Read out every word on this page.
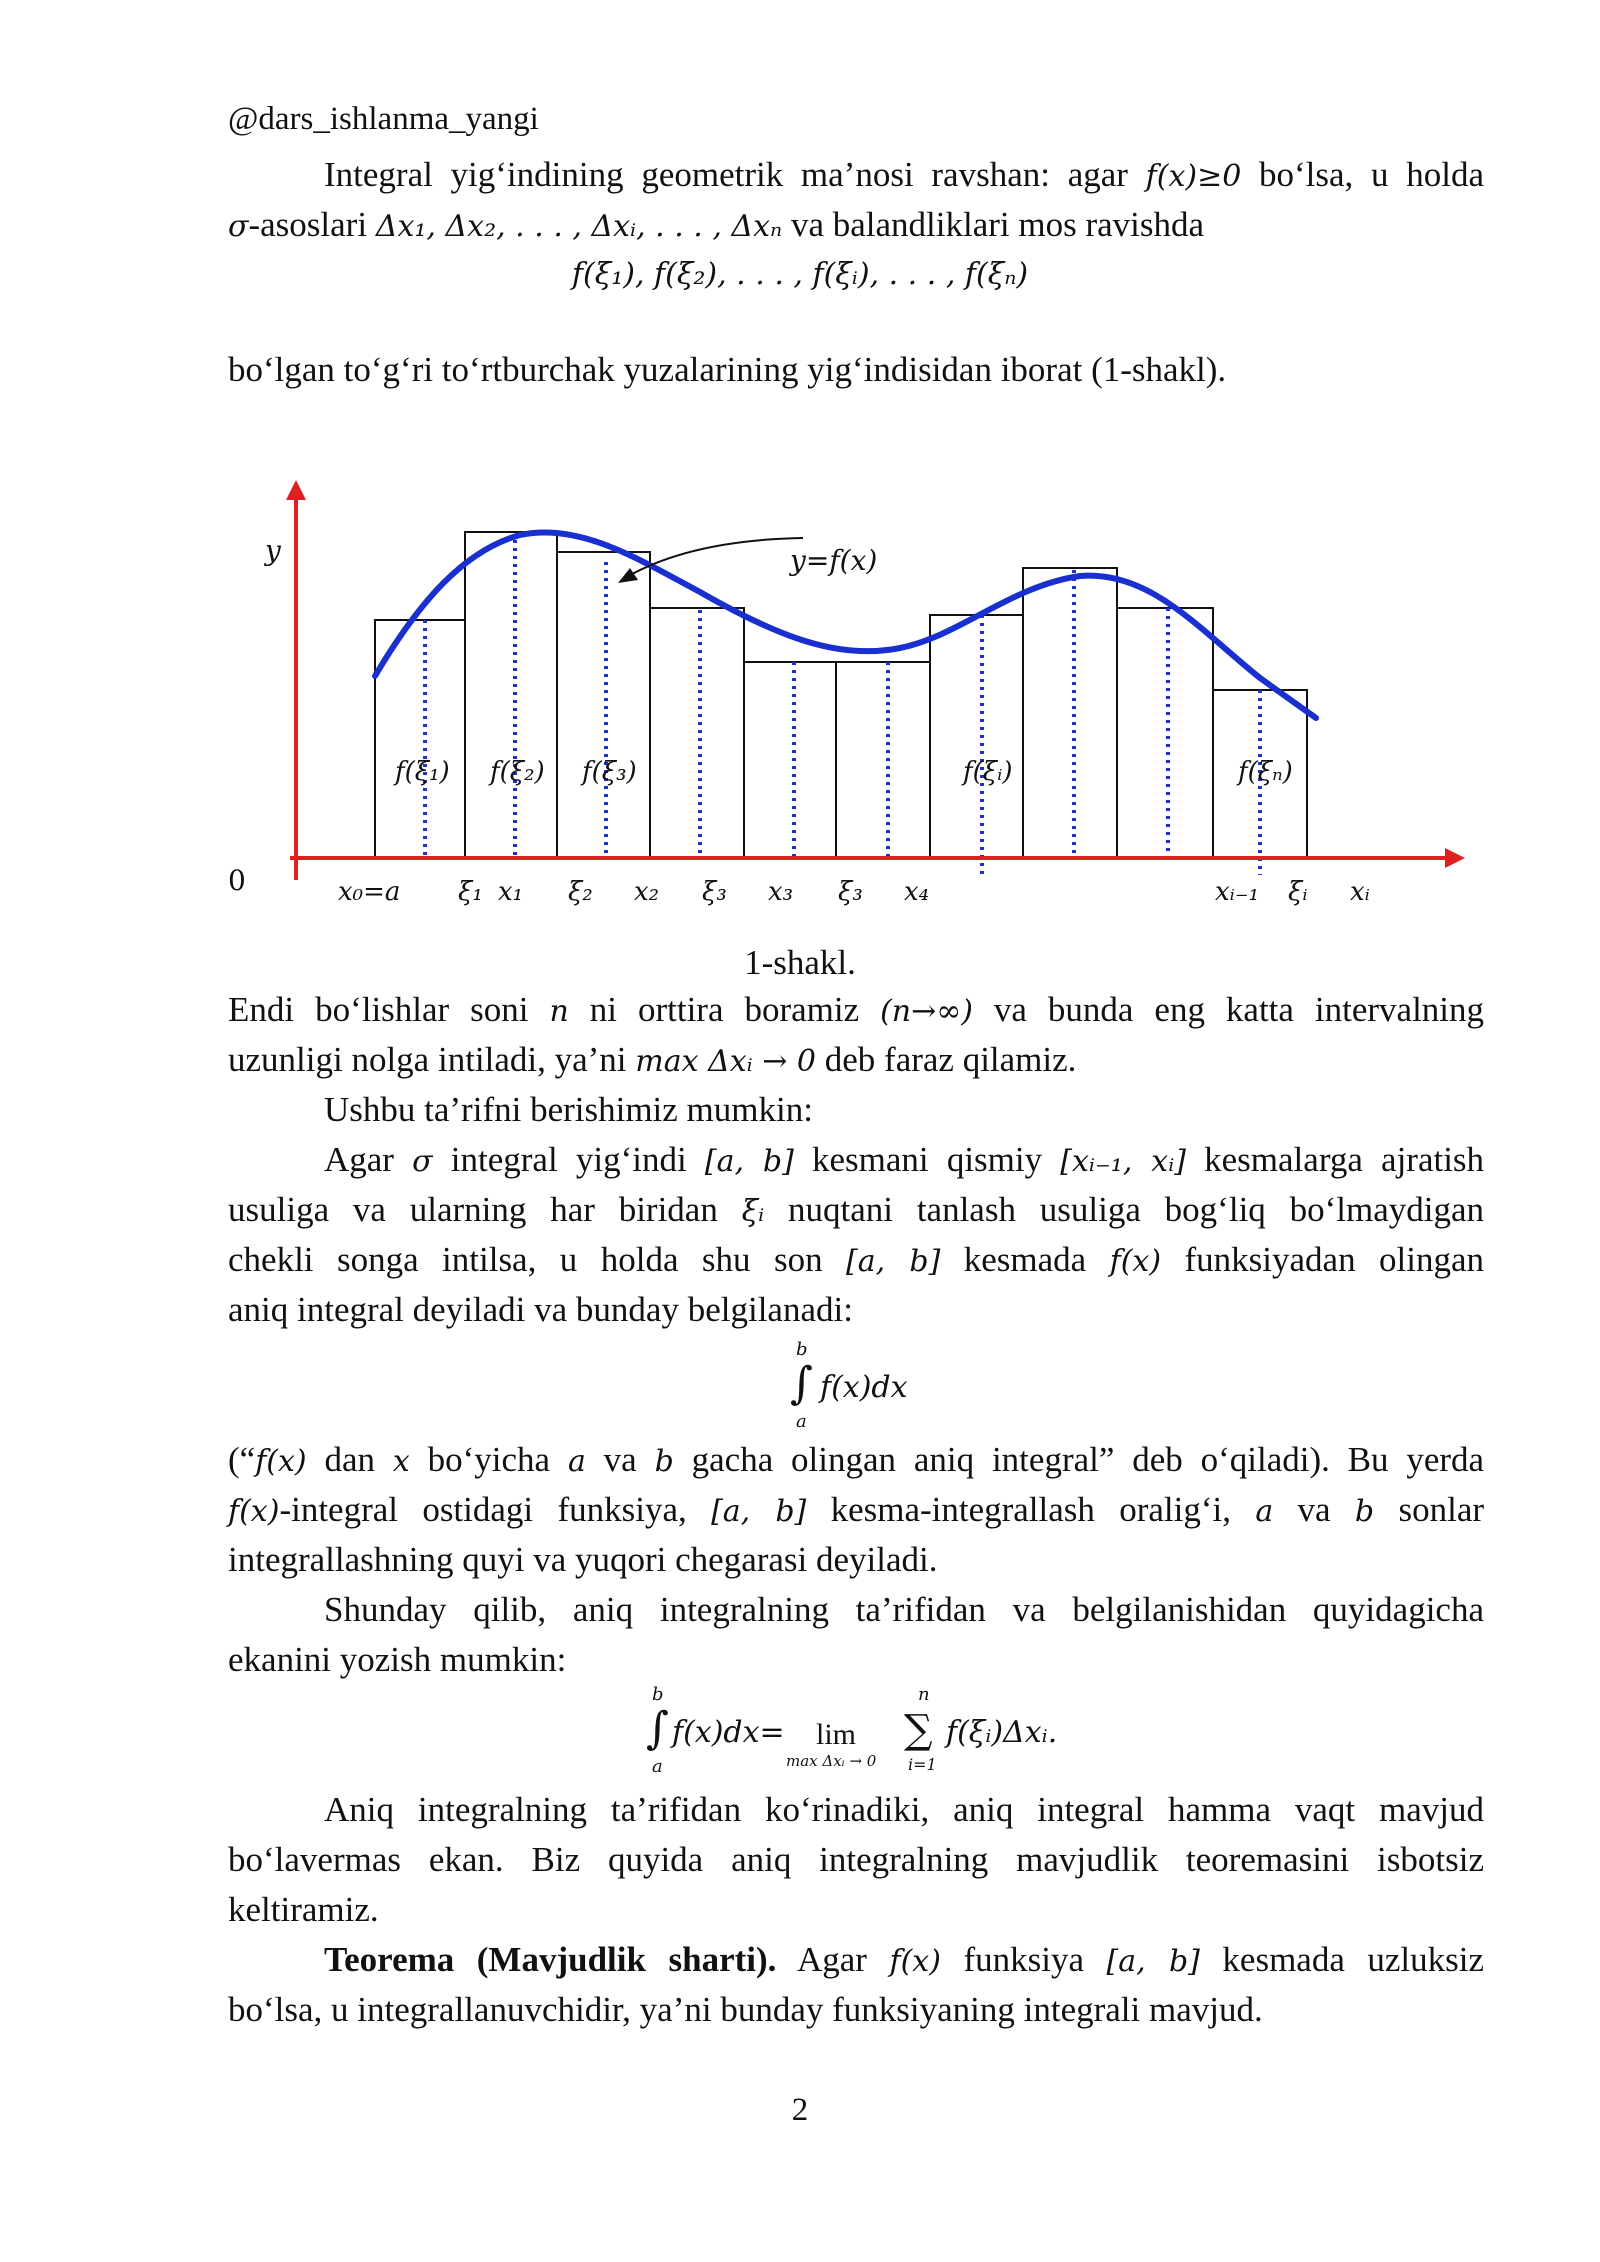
@dars_ishlanma_yangi
Integral yig‘indining geometrik ma’nosi ravshan: agar f(x)≥0 bo‘lsa, u holda
σ-asoslari Δx₁, Δx₂, . . . , Δxᵢ, . . . , Δxₙ va balandliklari mos ravishda
f(ξ₁), f(ξ₂), . . . , f(ξᵢ), . . . , f(ξₙ)
bo‘lgan to‘g‘ri to‘rtburchak yuzalarining yig‘indisidan iborat (1-shakl).
y
0
y=f(x)
x₀=a ξ₁ x₁ ξ₂ x₂ ξ₃ x₃ ξ₃ x₄	xᵢ₋₁ ξᵢ xᵢ
f(ξ₁) f(ξ₂) f(ξ₃)	f(ξᵢ)	f(ξₙ)
1-shakl.
Endi bo‘lishlar soni n ni orttira boramiz (n→∞) va bunda eng katta intervalning
uzunligi nolga intiladi, ya’ni max Δxᵢ → 0 deb faraz qilamiz.
Ushbu ta’rifni berishimiz mumkin:
Agar σ integral yig‘indi [a, b] kesmani qismiy [xᵢ₋₁, xᵢ] kesmalarga ajratish
usuliga va ularning har biridan ξᵢ nuqtani tanlash usuliga bog‘liq bo‘lmaydigan
chekli songa intilsa, u holda shu son [a, b] kesmada f(x) funksiyadan olingan
aniq integral deyiladi va bunday belgilanadi:
b
∫ f(x)dx
a
(“f(x) dan x bo‘yicha a va b gacha olingan aniq integral” deb o‘qiladi). Bu yerda
f(x)-integral ostidagi funksiya, [a, b] kesma-integrallash oralig‘i, a va b sonlar
integrallashning quyi va yuqori chegarasi deyiladi.
Shunday qilib, aniq integralning ta’rifidan va belgilanishidan quyidagicha
ekanini yozish mumkin:
b
∫
a
f(x)dx= lim
max Δxᵢ → 0
n
∑
i=1
f(ξᵢ)Δxᵢ.
Aniq integralning ta’rifidan ko‘rinadiki, aniq integral hamma vaqt mavjud
bo‘lavermas ekan. Biz quyida aniq integralning mavjudlik teoremasini isbotsiz
keltiramiz.
Teorema (Mavjudlik sharti). Agar f(x) funksiya [a, b] kesmada uzluksiz
bo‘lsa, u integrallanuvchidir, ya’ni bunday funksiyaning integrali mavjud.
2
